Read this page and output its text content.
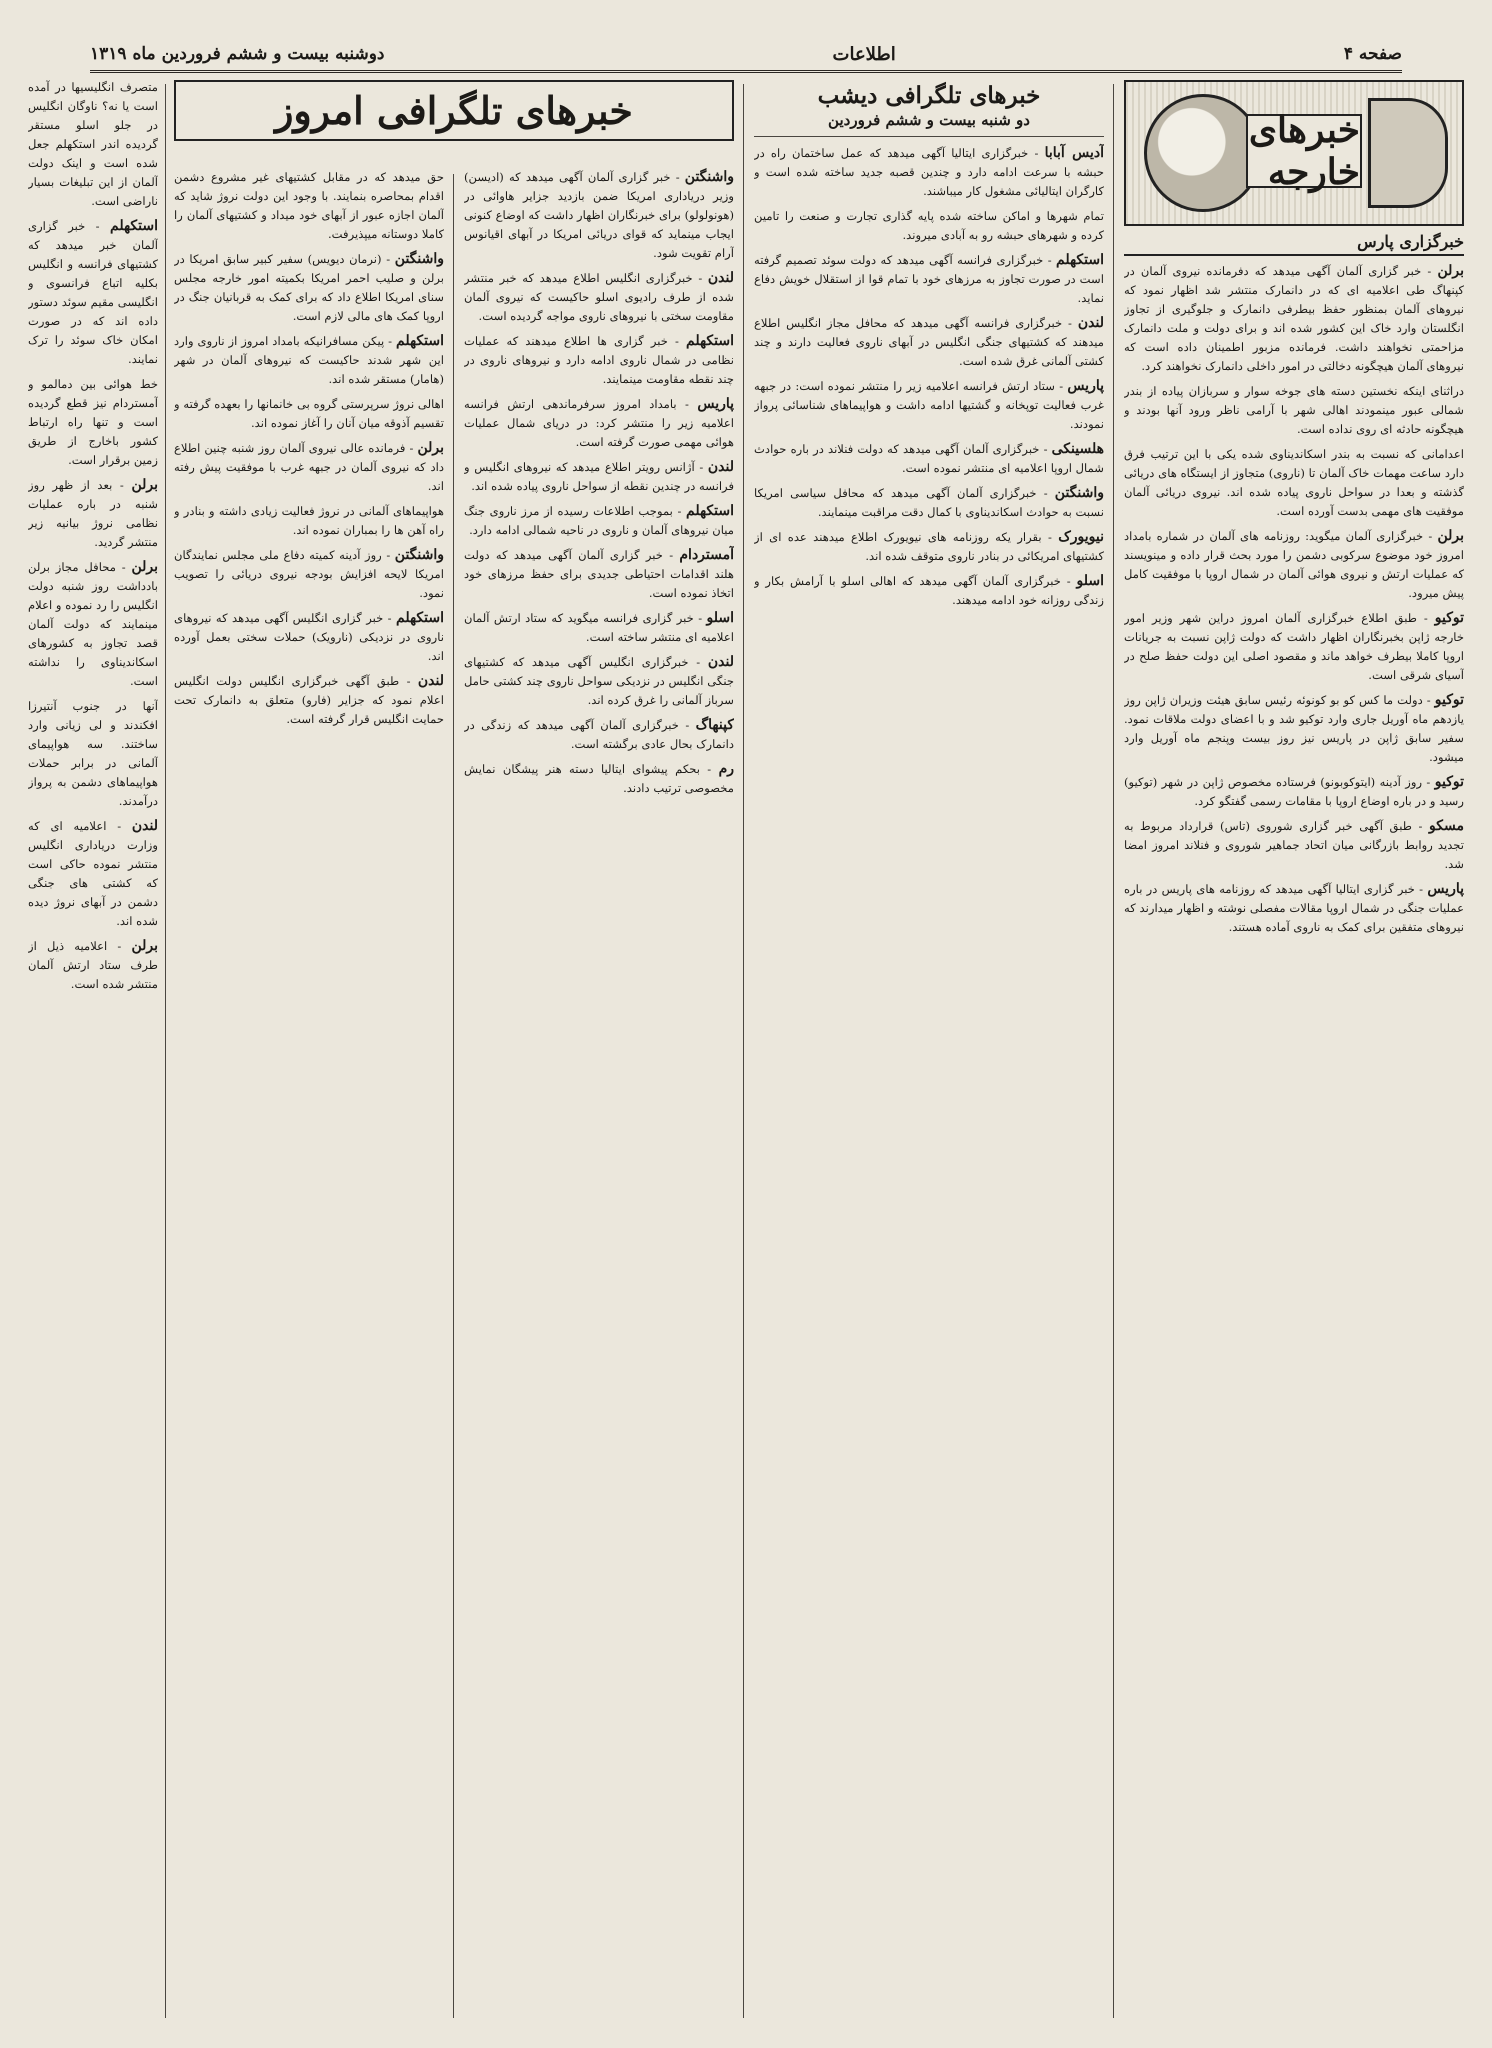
صفحه ۴
اطلاعات
دوشنبه بیست و ششم فروردین ماه ۱۳۱۹
خبرهای خارجه
خبرگزاری پارس

برلن - خبر گزاری آلمان آگهی میدهد که دفرمانده نیروی آلمان در کپنهاگ طی اعلامیه ای که در دانمارک منتشر شد اظهار نمود که نیروهای آلمان بمنظور حفظ بیطرفی دانمارک و جلوگیری از تجاوز انگلستان وارد خاک این کشور شده اند و برای دولت و ملت دانمارک مزاحمتی نخواهند داشت. فرمانده مزبور اطمینان داده است که نیروهای آلمان هیچگونه دخالتی در امور داخلی دانمارک نخواهند کرد.

دراثنای اینکه نخستین دسته های جوخه سوار و سربازان پیاده از بندر شمالی عبور مینمودند اهالی شهر با آرامی ناظر ورود آنها بودند و هیچگونه حادثه ای روی نداده است.

اعدامانی که نسبت به بندر اسکاندیناوی شده یکی با این ترتیب فرق دارد ساعت مهمات خاک آلمان تا (ناروی) متجاوز از ایستگاه های دریائی گذشته و بعدا در سواحل ناروی پیاده شده اند. نیروی دریائی آلمان موفقیت های مهمی بدست آورده است.

برلن - خبرگزاری آلمان میگوید: روزنامه های آلمان در شماره بامداد امروز خود موضوع سرکوبی دشمن را مورد بحث قرار داده و مینویسند که عملیات ارتش و نیروی هوائی آلمان در شمال اروپا با موفقیت کامل پیش میرود.

توکیو - طبق اطلاع خبرگزاری آلمان امروز دراین شهر وزیر امور خارجه ژاپن بخبرنگاران اظهار داشت که دولت ژاپن نسبت به جریانات اروپا کاملا بیطرف خواهد ماند و مقصود اصلی این دولت حفظ صلح در آسیای شرقی است.

توکیو - دولت ما کس کو بو کونوئه رئیس سابق هیئت وزیران ژاپن روز یازدهم ماه آوریل جاری وارد توکیو شد و با اعضای دولت ملاقات نمود. سفیر سابق ژاپن در پاریس نیز روز بیست وپنجم ماه آوریل وارد میشود.

توکیو - روز آدینه (ایتوکوبونو) فرستاده مخصوص ژاپن در شهر (توکیو) رسید و در باره اوضاع اروپا با مقامات رسمی گفتگو کرد.

مسکو - طبق آگهی خبر گزاری شوروی (تاس) قرارداد مربوط به تجدید روابط بازرگانی میان اتحاد جماهیر شوروی و فنلاند امروز امضا شد.

پاریس - خبر گزاری ایتالیا آگهی میدهد که روزنامه های پاریس در باره عملیات جنگی در شمال اروپا مقالات مفصلی نوشته و اظهار میدارند که نیروهای متفقین برای کمک به ناروی آماده هستند.

خبرهای تلگرافی دیشب
دو شنبه بیست و ششم فروردین

آدیس آبابا - خبرگزاری ایتالیا آگهی میدهد که عمل ساختمان راه در حبشه با سرعت ادامه دارد و چندین قصبه جدید ساخته شده است و کارگران ایتالیائی مشغول کار میباشند.

تمام شهرها و اماکن ساخته شده پایه گذاری تجارت و صنعت را تامین کرده و شهرهای حبشه رو به آبادی میروند.

استکهلم - خبرگزاری فرانسه آگهی میدهد که دولت سوئد تصمیم گرفته است در صورت تجاوز به مرزهای خود با تمام قوا از استقلال خویش دفاع نماید.

لندن - خبرگزاری فرانسه آگهی میدهد که محافل مجاز انگلیس اطلاع میدهند که کشتیهای جنگی انگلیس در آبهای ناروی فعالیت دارند و چند کشتی آلمانی غرق شده است.

پاریس - ستاد ارتش فرانسه اعلامیه زیر را منتشر نموده است: در جبهه غرب فعالیت توپخانه و گشتیها ادامه داشت و هواپیماهای شناسائی پرواز نمودند.

هلسینکی - خبرگزاری آلمان آگهی میدهد که دولت فنلاند در باره حوادث شمال اروپا اعلامیه ای منتشر نموده است.

واشنگتن - خبرگزاری آلمان آگهی میدهد که محافل سیاسی امریکا نسبت به حوادث اسکاندیناوی با کمال دقت مراقبت مینمایند.

نیویورک - بقرار یکه روزنامه های نیویورک اطلاع میدهند عده ای از کشتیهای امریکائی در بنادر ناروی متوقف شده اند.

اسلو - خبرگزاری آلمان آگهی میدهد که اهالی اسلو با آرامش بکار و زندگی روزانه خود ادامه میدهند.

خبرهای تلگرافی امروز

واشنگتن - خبر گزاری آلمان آگهی میدهد که (ادیسن) وزیر دریاداری امریکا ضمن بازدید جزایر هاوائی در (هونولولو) برای خبرنگاران اظهار داشت که اوضاع کنونی ایجاب مینماید که قوای دریائی امریکا در آبهای اقیانوس آرام تقویت شود.

لندن - خبرگزاری انگلیس اطلاع میدهد که خبر منتشر شده از طرف رادیوی اسلو حاکیست که نیروی آلمان مقاومت سختی با نیروهای ناروی مواجه گردیده است.

استکهلم - خبر گزاری ها اطلاع میدهند که عملیات نظامی در شمال ناروی ادامه دارد و نیروهای ناروی در چند نقطه مقاومت مینمایند.

پاریس - بامداد امروز سرفرماندهی ارتش فرانسه اعلامیه زیر را منتشر کرد: در دریای شمال عملیات هوائی مهمی صورت گرفته است.

لندن - آژانس رویتر اطلاع میدهد که نیروهای انگلیس و فرانسه در چندین نقطه از سواحل ناروی پیاده شده اند.

استکهلم - بموجب اطلاعات رسیده از مرز ناروی جنگ میان نیروهای آلمان و ناروی در ناحیه شمالی ادامه دارد.

آمستردام - خبر گزاری آلمان آگهی میدهد که دولت هلند اقدامات احتیاطی جدیدی برای حفظ مرزهای خود اتخاذ نموده است.

اسلو - خبر گزاری فرانسه میگوید که ستاد ارتش آلمان اعلامیه ای منتشر ساخته است.

لندن - خبرگزاری انگلیس آگهی میدهد که کشتیهای جنگی انگلیس در نزدیکی سواحل ناروی چند کشتی حامل سرباز آلمانی را غرق کرده اند.

کپنهاگ - خبرگزاری آلمان آگهی میدهد که زندگی در دانمارک بحال عادی برگشته است.

رم - بحکم پیشوای ایتالیا دسته هنر پیشگان نمایش مخصوصی ترتیب دادند.

حق میدهد که در مقابل کشتیهای غیر مشروع دشمن اقدام بمحاصره بنمایند. با وجود این دولت نروژ شاید که آلمان اجازه عبور از آبهای خود میداد و کشتیهای آلمان را کاملا دوستانه میپذیرفت.

واشنگتن - (نرمان دیویس) سفیر کبیر سابق امریکا در برلن و صلیب احمر امریکا بکمیته امور خارجه مجلس سنای امریکا اطلاع داد که برای کمک به قربانیان جنگ در اروپا کمک های مالی لازم است.

استکهلم - پیکن مسافرانیکه بامداد امروز از ناروی وارد این شهر شدند حاکیست که نیروهای آلمان در شهر (هامار) مستقر شده اند.

اهالی نروژ سرپرستی گروه بی خانمانها را بعهده گرفته و تقسیم آذوقه میان آنان را آغاز نموده اند.

برلن - فرمانده عالی نیروی آلمان روز شنبه چنین اطلاع داد که نیروی آلمان در جبهه غرب با موفقیت پیش رفته اند.

هواپیماهای آلمانی در نروژ فعالیت زیادی داشته و بنادر و راه آهن ها را بمباران نموده اند.

واشنگتن - روز آدینه کمیته دفاع ملی مجلس نمایندگان امریکا لایحه افزایش بودجه نیروی دریائی را تصویب نمود.

استکهلم - خبر گزاری انگلیس آگهی میدهد که نیروهای ناروی در نزدیکی (نارویک) حملات سختی بعمل آورده اند.

لندن - طبق آگهی خبرگزاری انگلیس دولت انگلیس اعلام نمود که جزایر (فارو) متعلق به دانمارک تحت حمایت انگلیس قرار گرفته است.

متصرف انگلیسیها در آمده است یا نه؟ ناوگان انگلیس در جلو اسلو مستقر گردیده اندر استکهلم جعل شده است و اینک دولت آلمان از این تبلیغات بسیار ناراضی است.

استکهلم - خبر گزاری آلمان خبر میدهد که کشتیهای فرانسه و انگلیس بکلیه اتباع فرانسوی و انگلیسی مقیم سوئد دستور داده اند که در صورت امکان خاک سوئد را ترک نمایند.

خط هوائی بین دمالمو و آمستردام نیز قطع گردیده است و تنها راه ارتباط کشور باخارج از طریق زمین برقرار است.

برلن - بعد از ظهر روز شنبه در باره عملیات نظامی نروژ بیانیه زیر منتشر گردید.

برلن - محافل مجاز برلن بادداشت روز شنبه دولت انگلیس را رد نموده و اعلام مینمایند که دولت آلمان قصد تجاوز به کشورهای اسکاندیناوی را نداشته است.

آنها در جنوب آنتیرزا افکندند و لی زیانی وارد ساختند. سه هواپیمای آلمانی در برابر حملات هواپیماهای دشمن به پرواز درآمدند.

لندن - اعلامیه ای که وزارت دریاداری انگلیس منتشر نموده حاکی است که کشتی های جنگی دشمن در آبهای نروژ دیده شده اند.

برلن - اعلامیه ذیل از طرف ستاد ارتش آلمان منتشر شده است.
